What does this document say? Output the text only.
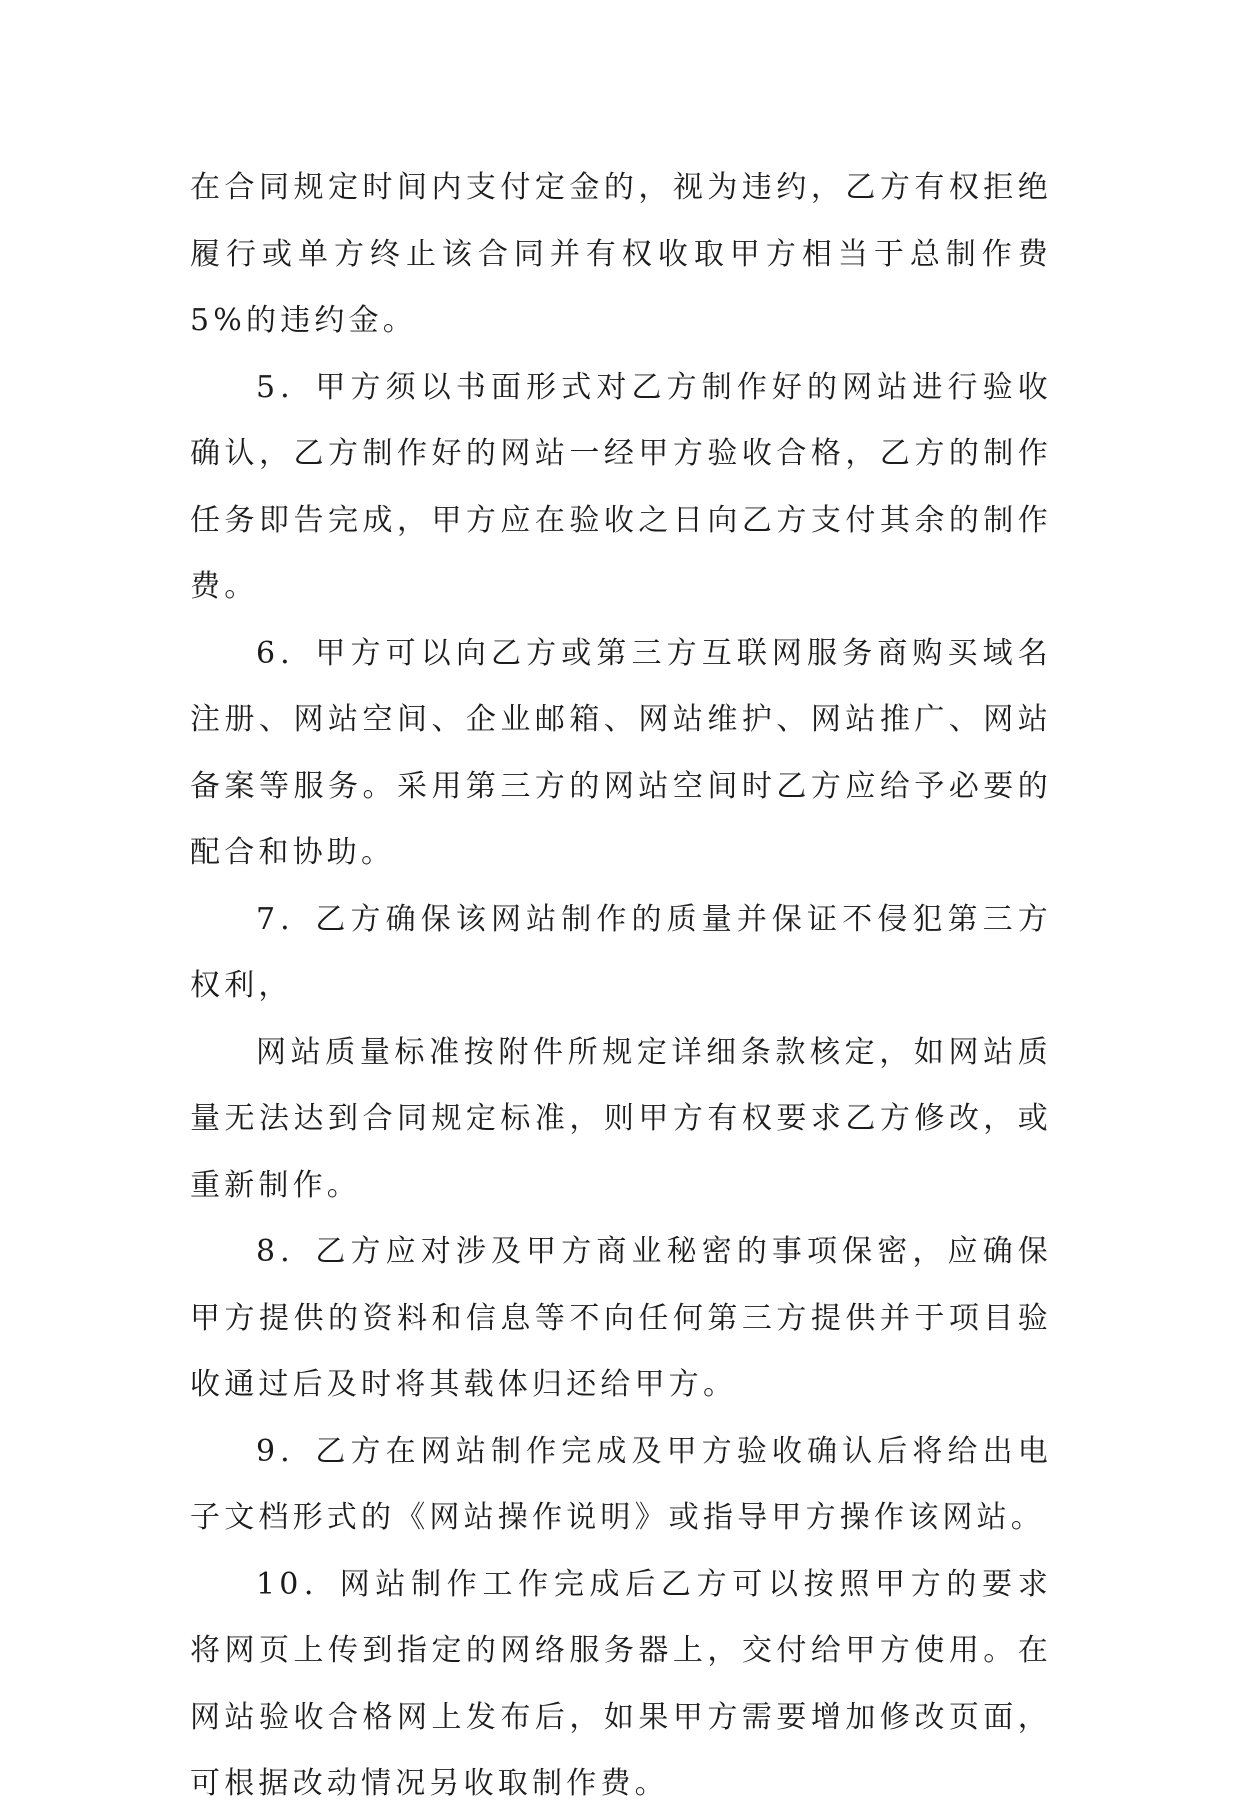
在合同规定时间内支付定金的，视为违约，乙方有权拒绝履行或单方终止该合同并有权收取甲方相当于总制作费5%的违约金。

5．甲方须以书面形式对乙方制作好的网站进行验收确认，乙方制作好的网站一经甲方验收合格，乙方的制作任务即告完成，甲方应在验收之日向乙方支付其余的制作费。

6．甲方可以向乙方或第三方互联网服务商购买域名注册、网站空间、企业邮箱、网站维护、网站推广、网站备案等服务。采用第三方的网站空间时乙方应给予必要的配合和协助。

7．乙方确保该网站制作的质量并保证不侵犯第三方权利，

网站质量标准按附件所规定详细条款核定，如网站质量无法达到合同规定标准，则甲方有权要求乙方修改，或重新制作。

8．乙方应对涉及甲方商业秘密的事项保密，应确保甲方提供的资料和信息等不向任何第三方提供并于项目验收通过后及时将其载体归还给甲方。

9．乙方在网站制作完成及甲方验收确认后将给出电子文档形式的《网站操作说明》或指导甲方操作该网站。

10．网站制作工作完成后乙方可以按照甲方的要求将网页上传到指定的网络服务器上，交付给甲方使用。在网站验收合格网上发布后，如果甲方需要增加修改页面，可根据改动情况另收取制作费。
